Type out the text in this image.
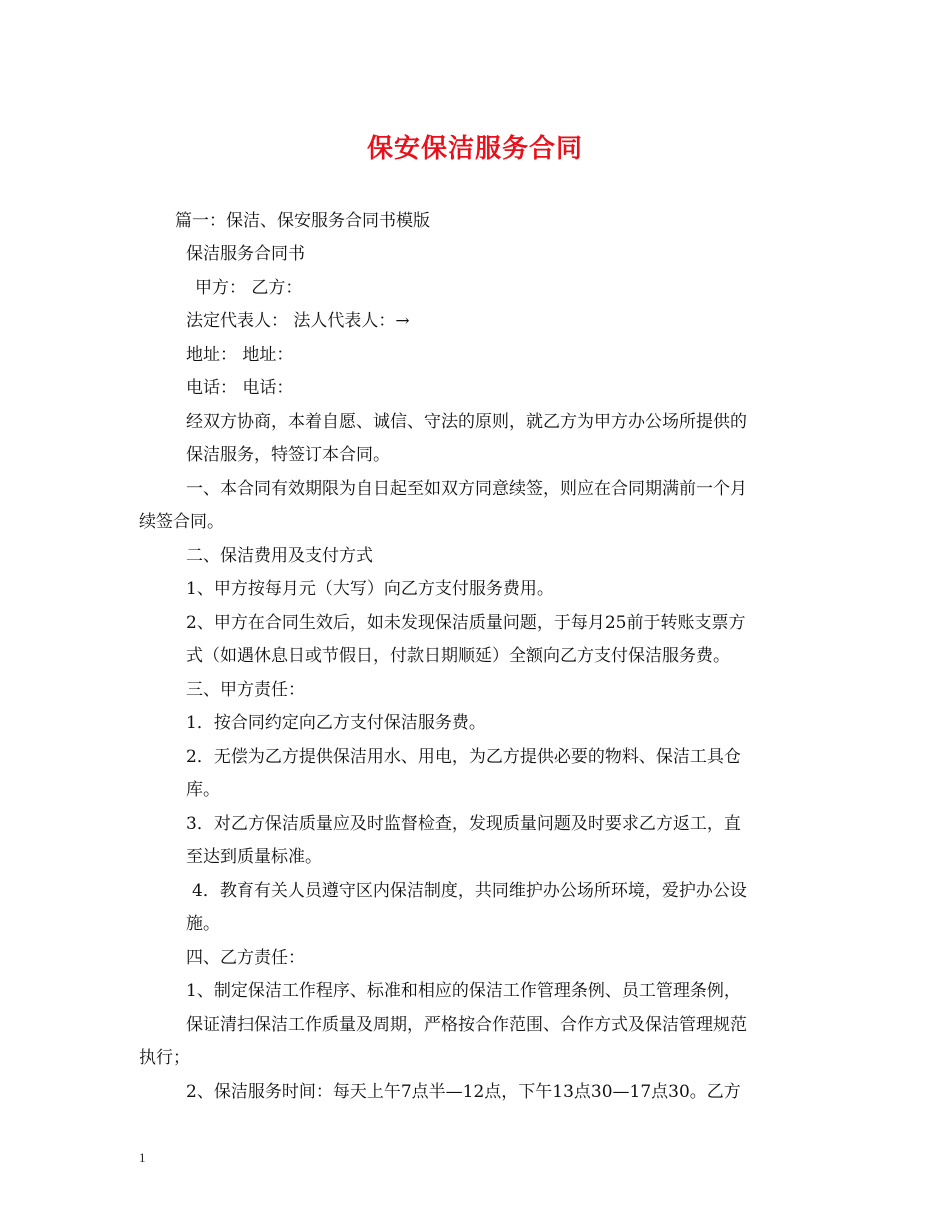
保安保洁服务合同
篇一：保洁、保安服务合同书模版
保洁服务合同书
甲方： 乙方：
法定代表人： 法人代表人：→
地址： 地址：
电话： 电话：
经双方协商，本着自愿、诚信、守法的原则，就乙方为甲方办公场所提供的
保洁服务，特签订本合同。
一、本合同有效期限为自日起至如双方同意续签，则应在合同期满前一个月
续签合同。
二、保洁费用及支付方式
1、甲方按每月元（大写）向乙方支付服务费用。
2、甲方在合同生效后，如未发现保洁质量问题，于每月25前于转账支票方
式（如遇休息日或节假日，付款日期顺延）全额向乙方支付保洁服务费。
三、甲方责任：
1．按合同约定向乙方支付保洁服务费。
2．无偿为乙方提供保洁用水、用电，为乙方提供必要的物料、保洁工具仓
库。
3．对乙方保洁质量应及时监督检查，发现质量问题及时要求乙方返工，直
至达到质量标准。
4．教育有关人员遵守区内保洁制度，共同维护办公场所环境，爱护办公设
施。
四、乙方责任：
1、制定保洁工作程序、标准和相应的保洁工作管理条例、员工管理条例，
保证清扫保洁工作质量及周期，严格按合作范围、合作方式及保洁管理规范
执行；
2、保洁服务时间：每天上午7点半—12点，下午13点30—17点30。乙方
1
